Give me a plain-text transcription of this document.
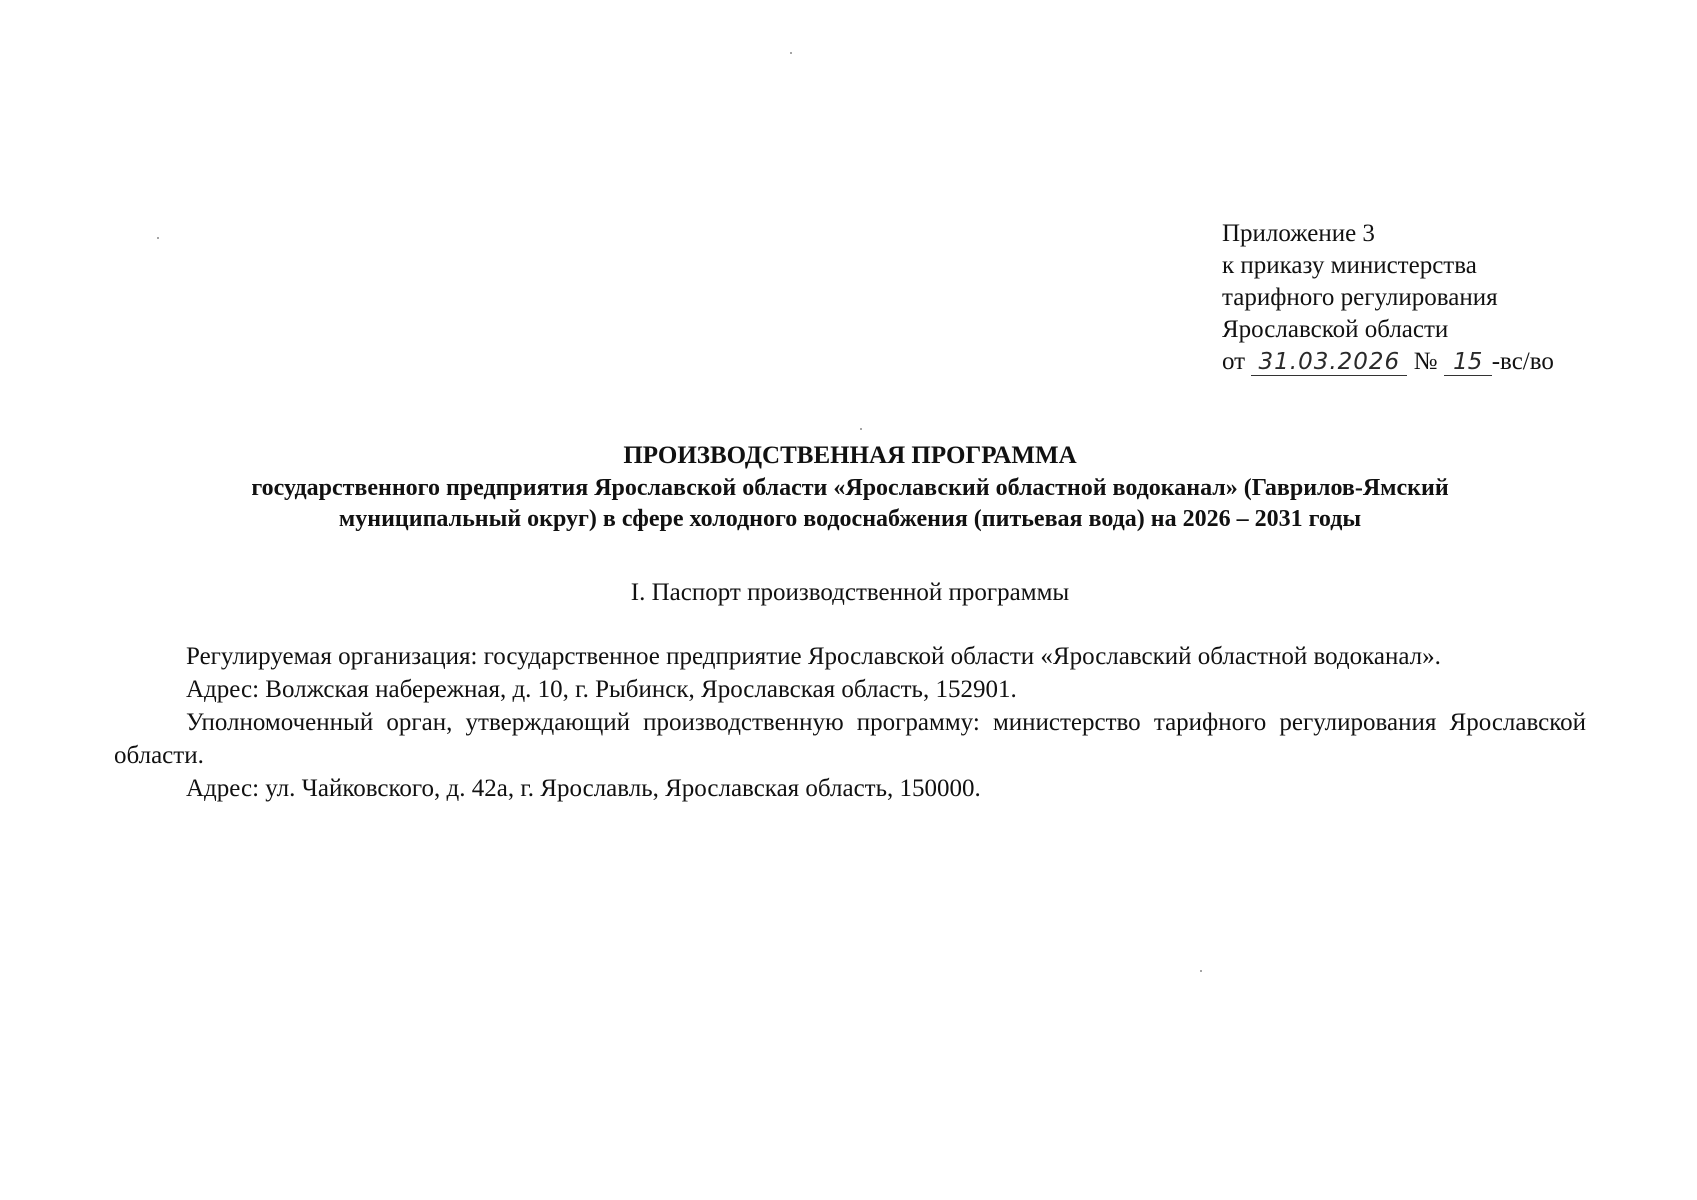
Приложение 3
к приказу министерства
тарифного регулирования
Ярославской области
от 31.03.2026 № 15 -вс/во
ПРОИЗВОДСТВЕННАЯ ПРОГРАММА
государственного предприятия Ярославской области «Ярославский областной водоканал» (Гаврилов-Ямский
муниципальный округ) в сфере холодного водоснабжения (питьевая вода) на 2026 – 2031 годы
I. Паспорт производственной программы

Регулируемая организация: государственное предприятие Ярославской области «Ярославский областной водоканал».

Адрес: Волжская набережная, д. 10, г. Рыбинск, Ярославская область, 152901.

Уполномоченный орган, утверждающий производственную программу: министерство тарифного регулирования Ярославской области.

Адрес: ул. Чайковского, д. 42а, г. Ярославль, Ярославская область, 150000.
